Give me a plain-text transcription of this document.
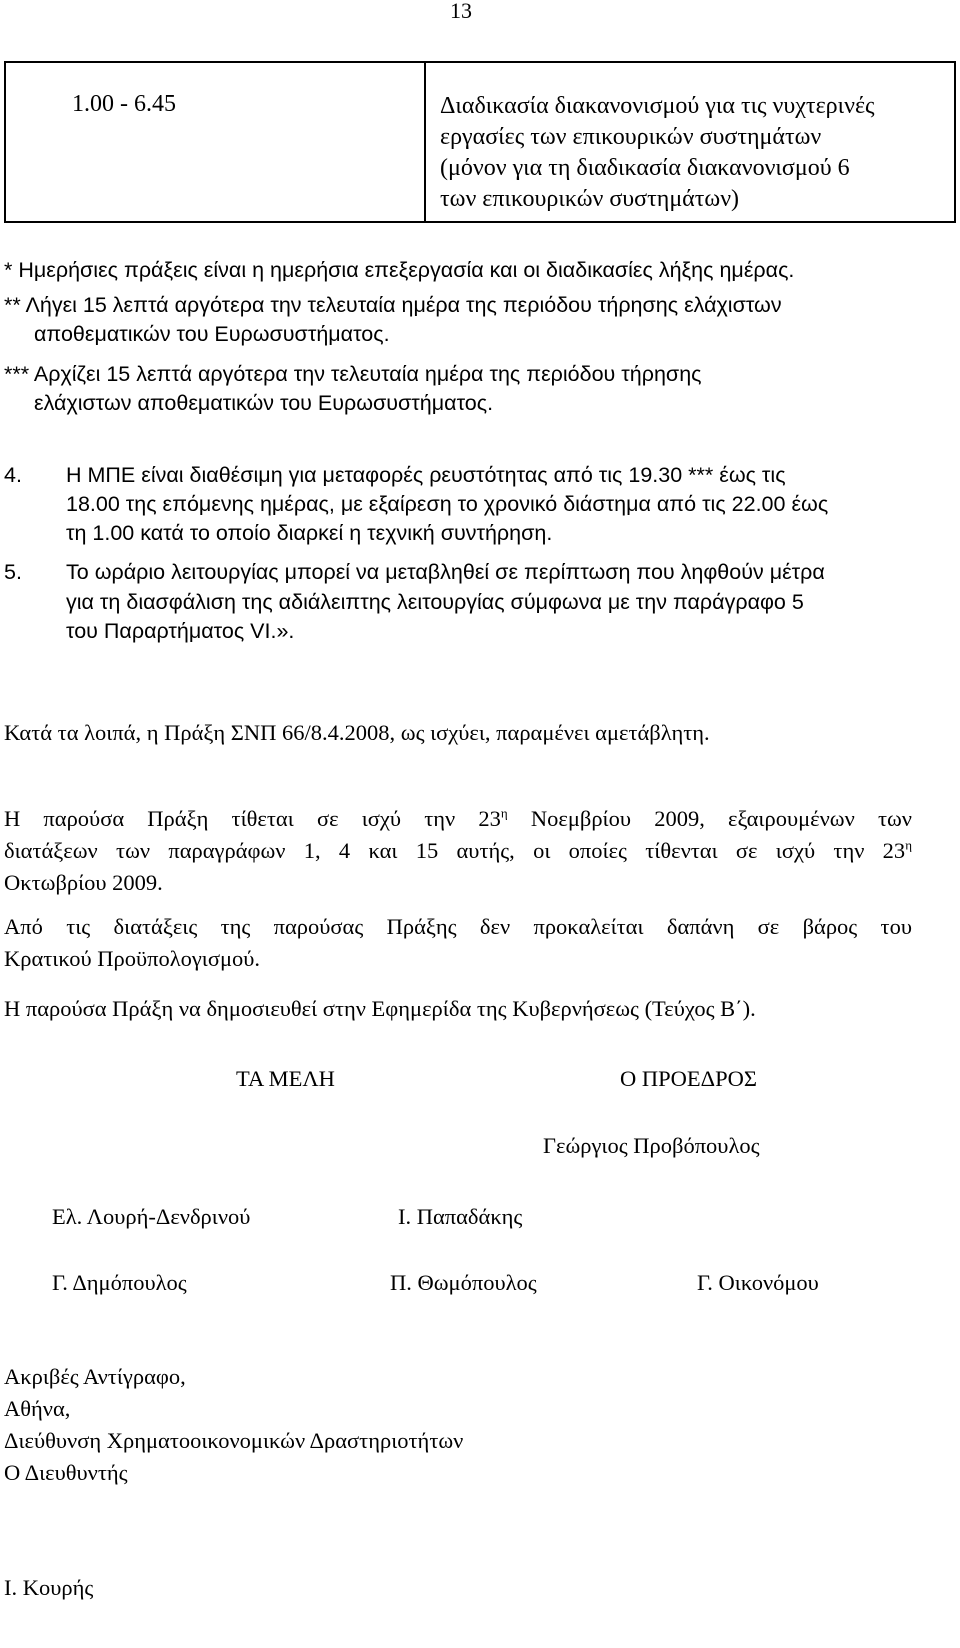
13
1.00 - 6.45	Διαδικασία διακανονισμού για τις νυχτερινές
εργασίες των επικουρικών συστημάτων
(μόνον για τη διαδικασία διακανονισμού 6
των επικουρικών συστημάτων)
* Ημερήσιες πράξεις είναι η ημερήσια επεξεργασία και οι διαδικασίες λήξης ημέρας.
** Λήγει 15 λεπτά αργότερα την τελευταία ημέρα της περιόδου τήρησης ελάχιστων
αποθεματικών του Ευρωσυστήματος.
*** Αρχίζει 15 λεπτά αργότερα την τελευταία ημέρα της περιόδου τήρησης
ελάχιστων αποθεματικών του Ευρωσυστήματος.
4. Η ΜΠΕ είναι διαθέσιμη για μεταφορές ρευστότητας από τις 19.30 *** έως τις
18.00 της επόμενης ημέρας, με εξαίρεση το χρονικό διάστημα από τις 22.00 έως
τη 1.00 κατά το οποίο διαρκεί η τεχνική συντήρηση.
5. Το ωράριο λειτουργίας μπορεί να μεταβληθεί σε περίπτωση που ληφθούν μέτρα
για τη διασφάλιση της αδιάλειπτης λειτουργίας σύμφωνα με την παράγραφο 5
του Παραρτήματος VI.».
Κατά τα λοιπά, η Πράξη ΣΝΠ 66/8.4.2008, ως ισχύει, παραμένει αμετάβλητη.
Η παρούσα Πράξη τίθεται σε ισχύ την $23^\eta$ Νοεμβρίου 2009, εξαιρουμένων των
διατάξεων των παραγράφων 1, 4 και 15 αυτής, οι οποίες τίθενται σε ισχύ την $23^\eta$
Οκτωβρίου 2009.
Από τις διατάξεις της παρούσας Πράξης δεν προκαλείται δαπάνη σε βάρος του
Κρατικού Προϋπολογισμού.
Η παρούσα Πράξη να δημοσιευθεί στην Εφημερίδα της Κυβερνήσεως (Τεύχος Β΄).
ΤΑ ΜΕΛΗ	Ο ΠΡΟΕΔΡΟΣ
Γεώργιος Προβόπουλος
Ελ. Λουρή-Δενδρινού	Ι. Παπαδάκης
Γ. Δημόπουλος	Π. Θωμόπουλος	Γ. Οικονόμου
Ακριβές Αντίγραφο,
Αθήνα,
Διεύθυνση Χρηματοοικονομικών Δραστηριοτήτων
Ο Διευθυντής
Ι. Κουρής
